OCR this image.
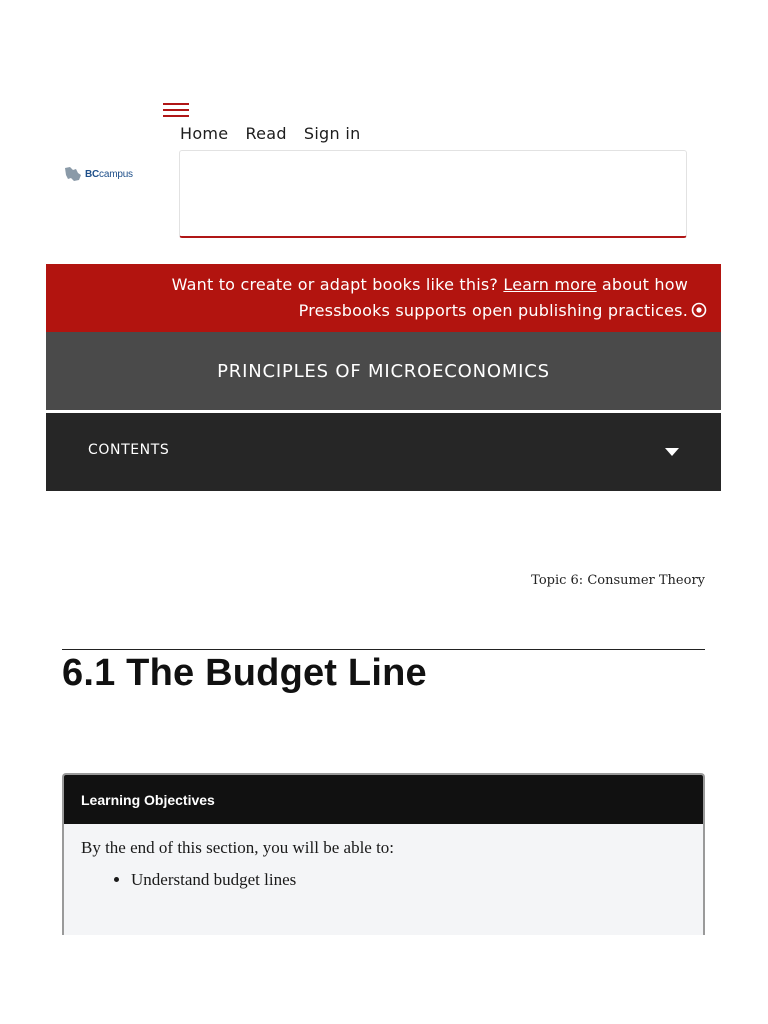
Home Read Sign in
BCcampus
Want to create or adapt books like this? Learn more about how Pressbooks supports open publishing practices.
PRINCIPLES OF MICROECONOMICS
CONTENTS
Topic 6: Consumer Theory
6.1 The Budget Line
Learning Objectives

By the end of this section, you will be able to:

• Understand budget lines
